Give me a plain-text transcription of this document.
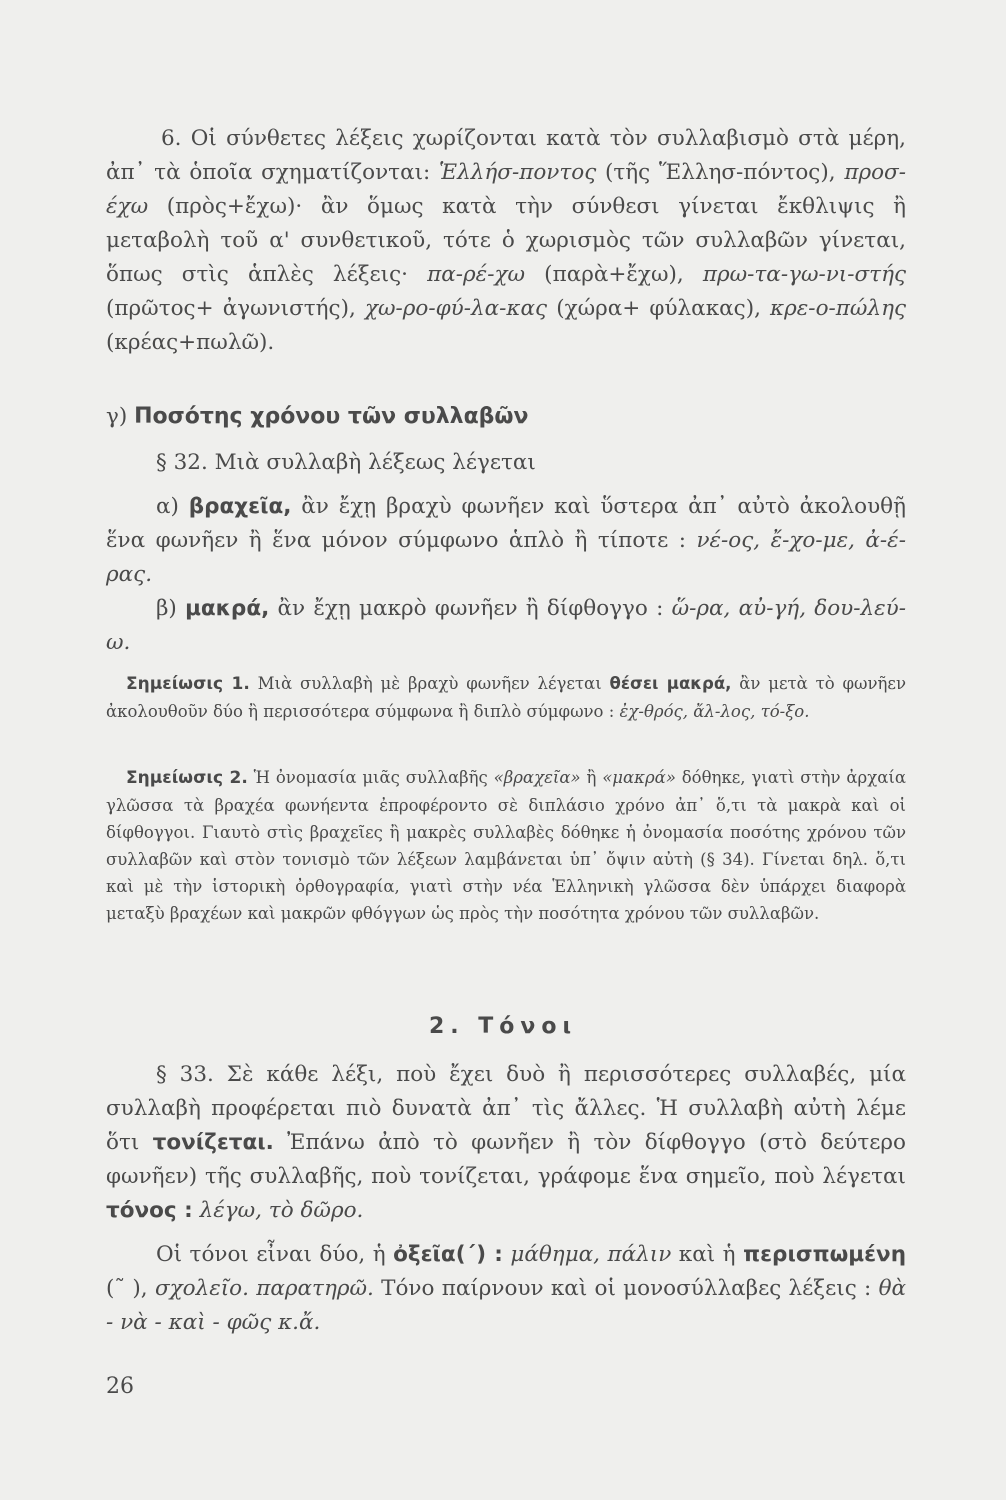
6. Οἱ σύνθετες λέξεις χωρίζονται κατὰ τὸν συλλαβισμὸ στὰ μέρη, ἀπ᾽ τὰ ὁποῖα σχηματίζονται: Ἑλλήσ-ποντος (τῆς Ἕλλησ-πόντος), προσ-έχω (πρὸς+ἔχω)· ἂν ὅμως κατὰ τὴν σύνθεσι γίνεται ἔκθλιψις ἢ μεταβολὴ τοῦ α' συνθετικοῦ, τότε ὁ χωρισμὸς τῶν συλλαβῶν γίνεται, ὅπως στὶς ἁπλὲς λέξεις· πα-ρέ-χω (παρὰ+ἔχω), πρω-τα-γω-νι-στής (πρῶτος+ ἀγωνιστής), χω-ρο-φύ-λα-κας (χώρα+ φύλακας), κρε-ο-πώλης (κρέας+πωλῶ).

γ) Ποσότης χρόνου τῶν συλλαβῶν

§ 32. Μιὰ συλλαβὴ λέξεως λέγεται

α) βραχεῖα, ἂν ἔχῃ βραχὺ φωνῆεν καὶ ὕστερα ἀπ᾽ αὐτὸ ἀκολουθῇ ἕνα φωνῆεν ἢ ἕνα μόνον σύμφωνο ἁπλὸ ἢ τίποτε : νέ-ος, ἔ-χο-με, ἀ-έ-ρας.

β) μακρά, ἂν ἔχῃ μακρὸ φωνῆεν ἢ δίφθογγο : ὥ-ρα, αὐ-γή, δου-λεύ-ω.

Σημείωσις 1. Μιὰ συλλαβὴ μὲ βραχὺ φωνῆεν λέγεται θέσει μακρά, ἂν μετὰ τὸ φωνῆεν ἀκολουθοῦν δύο ἢ περισσότερα σύμφωνα ἢ διπλὸ σύμφωνο : ἐχ-θρός, ἄλ-λος, τό-ξο.

Σημείωσις 2. Ἡ ὀνομασία μιᾶς συλλαβῆς «βραχεῖα» ἢ «μακρά» δόθηκε, γιατὶ στὴν ἀρχαία γλῶσσα τὰ βραχέα φωνήεντα ἐπροφέροντο σὲ διπλάσιο χρόνο ἀπ᾽ ὅ,τι τὰ μακρὰ καὶ οἱ δίφθογγοι. Γιαυτὸ στὶς βραχεῖες ἢ μακρὲς συλλαβὲς δόθηκε ἡ ὀνομασία ποσότης χρόνου τῶν συλλαβῶν καὶ στὸν τονισμὸ τῶν λέξεων λαμβάνεται ὑπ᾽ ὄψιν αὐτὴ (§ 34). Γίνεται δηλ. ὅ,τι καὶ μὲ τὴν ἱστορικὴ ὀρθογραφία, γιατὶ στὴν νέα Ἑλληνικὴ γλῶσσα δὲν ὑπάρχει διαφορὰ μεταξὺ βραχέων καὶ μακρῶν φθόγγων ὡς πρὸς τὴν ποσότητα χρόνου τῶν συλλαβῶν.

2. Τόνοι

§ 33. Σὲ κάθε λέξι, ποὺ ἔχει δυὸ ἢ περισσότερες συλλαβές, μία συλλαβὴ προφέρεται πιὸ δυνατὰ ἀπ᾽ τὶς ἄλλες. Ἡ συλλαβὴ αὐτὴ λέμε ὅτι τονίζεται. Ἐπάνω ἀπὸ τὸ φωνῆεν ἢ τὸν δίφθογγο (στὸ δεύτερο φωνῆεν) τῆς συλλαβῆς, ποὺ τονίζεται, γράφομε ἕνα σημεῖο, ποὺ λέγεται τόνος : λέγω, τὸ δῶρο.

Οἱ τόνοι εἶναι δύο, ἡ ὀξεῖα(´) : μάθημα, πάλιν καὶ ἡ περισπωμένη (῀ ), σχολεῖο. παρατηρῶ. Τόνο παίρνουν καὶ οἱ μονοσύλλαβες λέξεις : θὰ - νὰ - καὶ - φῶς κ.ἄ.

26
